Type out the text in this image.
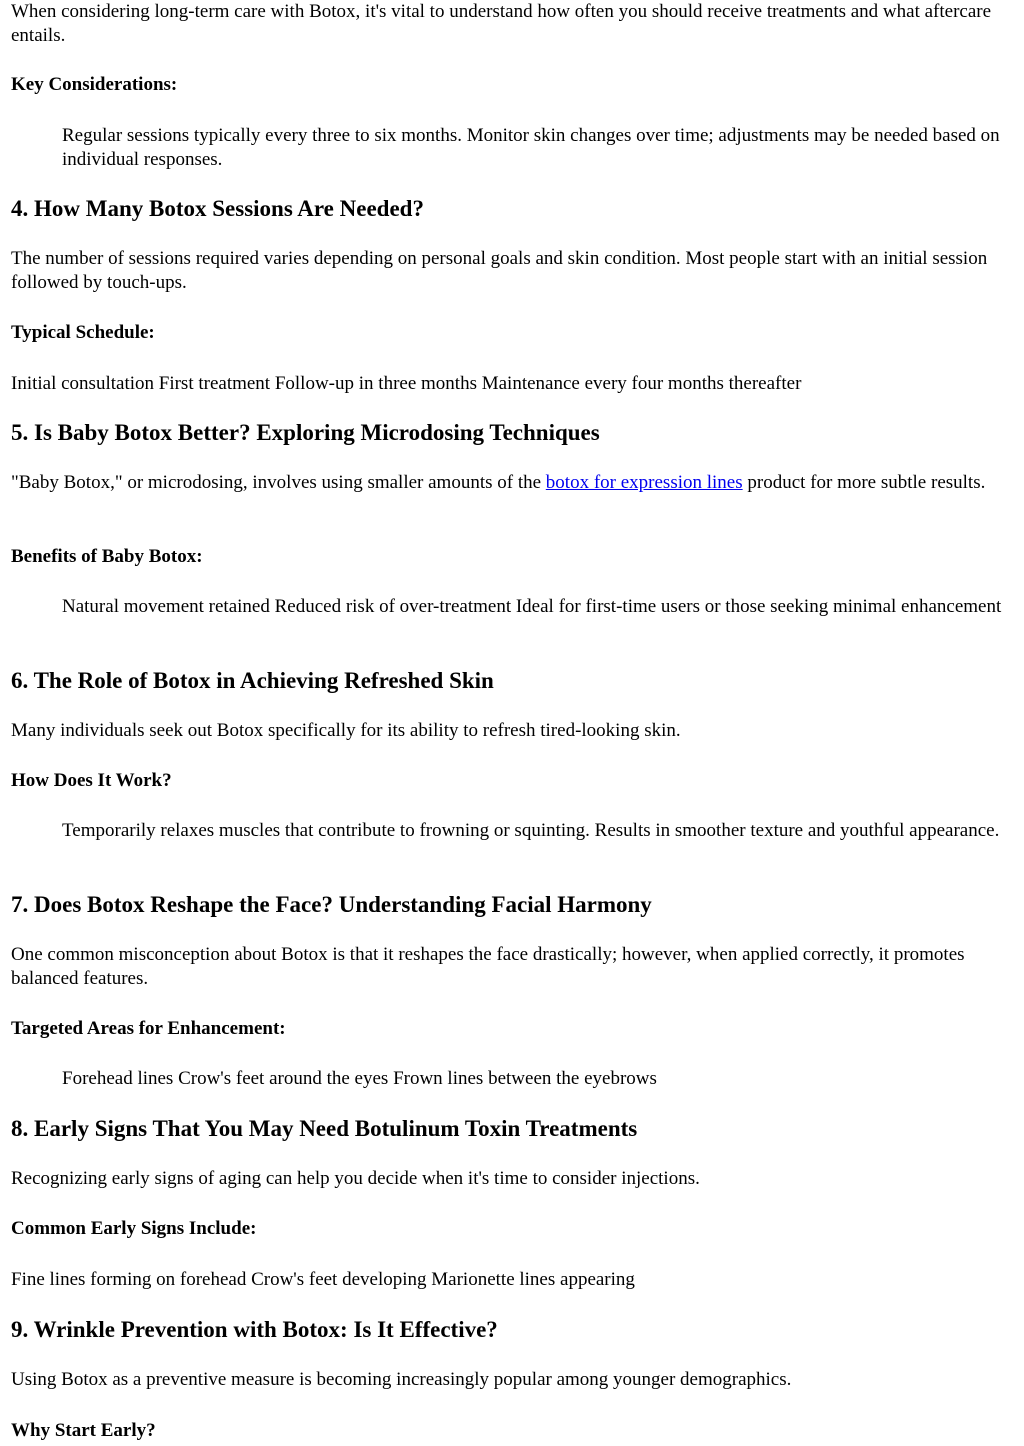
When considering long-term care with Botox, it's vital to understand how often you should receive treatments and what aftercare entails.

Key Considerations:

Regular sessions typically every three to six months. Monitor skin changes over time; adjustments may be needed based on individual responses.

4. How Many Botox Sessions Are Needed?

The number of sessions required varies depending on personal goals and skin condition. Most people start with an initial session followed by touch-ups.

Typical Schedule:

Initial consultation First treatment Follow-up in three months Maintenance every four months thereafter

5. Is Baby Botox Better? Exploring Microdosing Techniques

"Baby Botox," or microdosing, involves using smaller amounts of the botox for expression lines product for more subtle results.

Benefits of Baby Botox:

Natural movement retained Reduced risk of over-treatment Ideal for first-time users or those seeking minimal enhancement

6. The Role of Botox in Achieving Refreshed Skin

Many individuals seek out Botox specifically for its ability to refresh tired-looking skin.

How Does It Work?

Temporarily relaxes muscles that contribute to frowning or squinting. Results in smoother texture and youthful appearance.

7. Does Botox Reshape the Face? Understanding Facial Harmony

One common misconception about Botox is that it reshapes the face drastically; however, when applied correctly, it promotes balanced features.

Targeted Areas for Enhancement:

Forehead lines Crow's feet around the eyes Frown lines between the eyebrows

8. Early Signs That You May Need Botulinum Toxin Treatments

Recognizing early signs of aging can help you decide when it's time to consider injections.

Common Early Signs Include:

Fine lines forming on forehead Crow's feet developing Marionette lines appearing

9. Wrinkle Prevention with Botox: Is It Effective?

Using Botox as a preventive measure is becoming increasingly popular among younger demographics.

Why Start Early?
